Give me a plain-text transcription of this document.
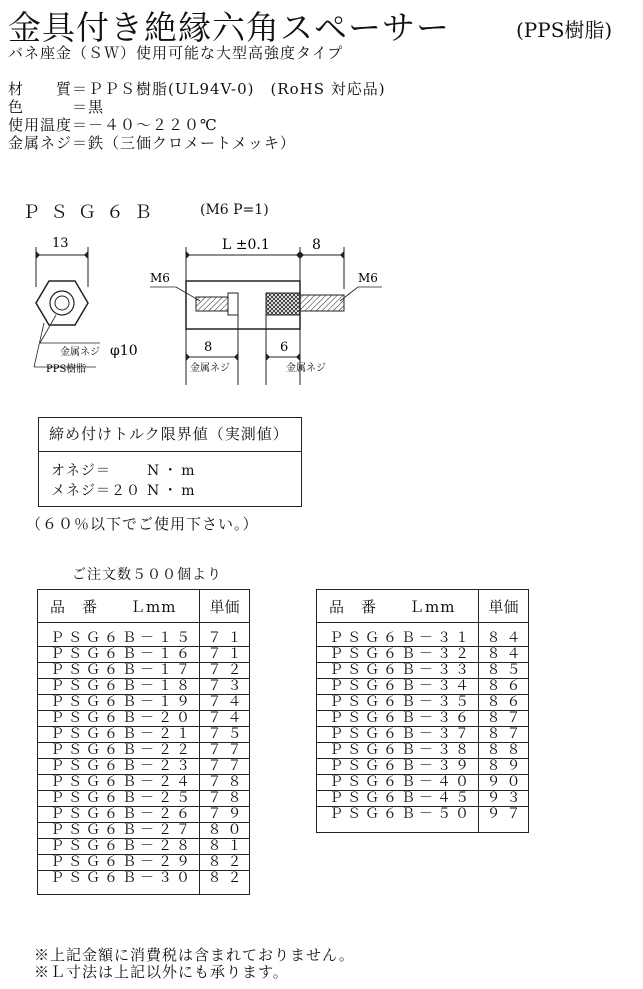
金具付き絶縁六角スペーサー	(PPS樹脂)
バネ座金（ＳＷ）使用可能な大型高強度タイプ
材　　質＝ＰＰＳ樹脂(UL94V-0)　(RoHS 対応品)
色　　　＝黒
使用温度＝－４０～２２０℃
金属ネジ＝鉄（三価クロメートメッキ）
ＰＳＧ６Ｂ	(M6 P=1)
13
金属ネジ φ10
PPS樹脂
L ±0.1	8
M6	M6
8
金属ネジ
6
金属ネジ
締め付けトルク限界値（実測値）
オネジ＝	N・m
メネジ＝２０ N・m
（６０％以下でご使用下さい。）
ご注文数５００個より
品　番　　Ｌmm	単価
ＰＳＧ６Ｂ－１５	７１
ＰＳＧ６Ｂ－１６	７１
ＰＳＧ６Ｂ－１７	７２
ＰＳＧ６Ｂ－１８	７３
ＰＳＧ６Ｂ－１９	７４
ＰＳＧ６Ｂ－２０	７４
ＰＳＧ６Ｂ－２１	７５
ＰＳＧ６Ｂ－２２	７７
ＰＳＧ６Ｂ－２３	７７
ＰＳＧ６Ｂ－２４	７８
ＰＳＧ６Ｂ－２５	７８
ＰＳＧ６Ｂ－２６	７９
ＰＳＧ６Ｂ－２７	８０
ＰＳＧ６Ｂ－２８	８１
ＰＳＧ６Ｂ－２９	８２
ＰＳＧ６Ｂ－３０	８２
品　番　　Ｌmm	単価
ＰＳＧ６Ｂ－３１	８４
ＰＳＧ６Ｂ－３２	８４
ＰＳＧ６Ｂ－３３	８５
ＰＳＧ６Ｂ－３４	８６
ＰＳＧ６Ｂ－３５	８６
ＰＳＧ６Ｂ－３６	８７
ＰＳＧ６Ｂ－３７	８７
ＰＳＧ６Ｂ－３８	８８
ＰＳＧ６Ｂ－３９	８９
ＰＳＧ６Ｂ－４０	９０
ＰＳＧ６Ｂ－４５	９３
ＰＳＧ６Ｂ－５０	９７
※上記金額に消費税は含まれておりません。
※Ｌ寸法は上記以外にも承ります。
